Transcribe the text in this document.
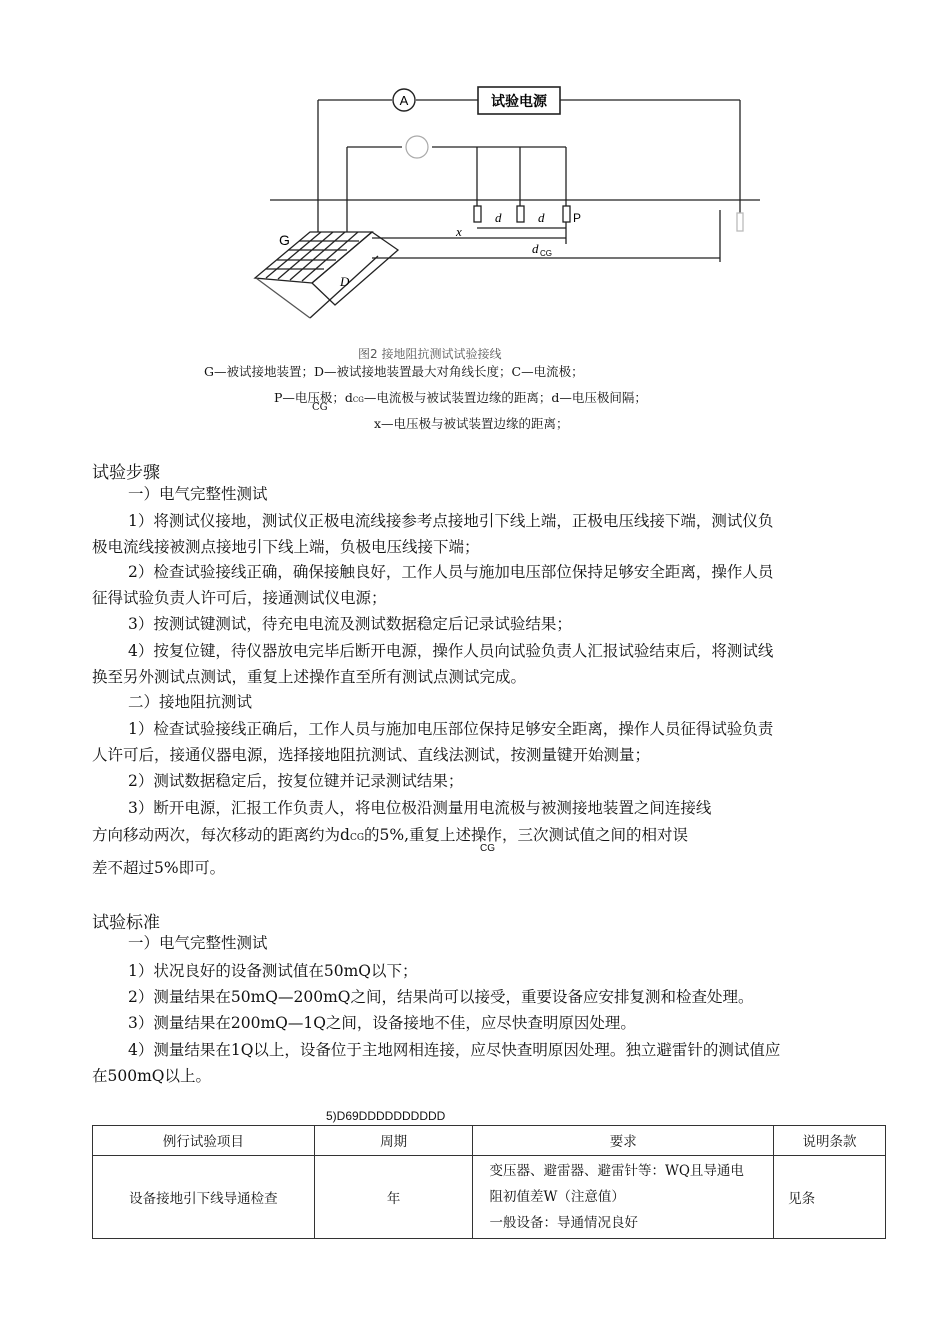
A	试验电源
G
D
P
d	d
x
d CG
图2 接地阻抗测试试验接线
G—被试接地装置；D—被试接地装置最大对角线长度；C—电流极；
P—电压极；dCG—电流极与被试装置边缘的距离；d—电压极间隔；
CG
x—电压极与被试装置边缘的距离；
试验步骤
一）电气完整性测试
1）将测试仪接地，测试仪正极电流线接参考点接地引下线上端，正极电压线接下端，测试仪负
极电流线接被测点接地引下线上端，负极电压线接下端；
2）检查试验接线正确，确保接触良好，工作人员与施加电压部位保持足够安全距离，操作人员
征得试验负责人许可后，接通测试仪电源；
3）按测试键测试，待充电电流及测试数据稳定后记录试验结果；
4）按复位键，待仪器放电完毕后断开电源，操作人员向试验负责人汇报试验结束后，将测试线
换至另外测试点测试，重复上述操作直至所有测试点测试完成。
二）接地阻抗测试
1）检查试验接线正确后，工作人员与施加电压部位保持足够安全距离，操作人员征得试验负责
人许可后，接通仪器电源，选择接地阻抗测试、直线法测试，按测量键开始测量；
2）测试数据稳定后，按复位键并记录测试结果；
3）断开电源，汇报工作负责人，将电位极沿测量用电流极与被测接地装置之间连接线
方向移动两次，每次移动的距离约为dCG的5%,重复上述操作，三次测试值之间的相对误
CG
差不超过5%即可。
试验标准
一）电气完整性测试
1）状况良好的设备测试值在50mQ以下；
2）测量结果在50mQ—200mQ之间，结果尚可以接受，重要设备应安排复测和检查处理。
3）测量结果在200mQ—1Q之间，设备接地不佳，应尽快查明原因处理。
4）测量结果在1Q以上，设备位于主地网相连接，应尽快查明原因处理。独立避雷针的测试值应
在500mQ以上。
5)D69DDDDDDDDDD
例行试验项目	周期	要求	说明条款
设备接地引下线导通检查	年	变压器、避雷器、避雷针等：WQ且导通电
阻初值差W（注意值）
一般设备：导通情况良好	见条
